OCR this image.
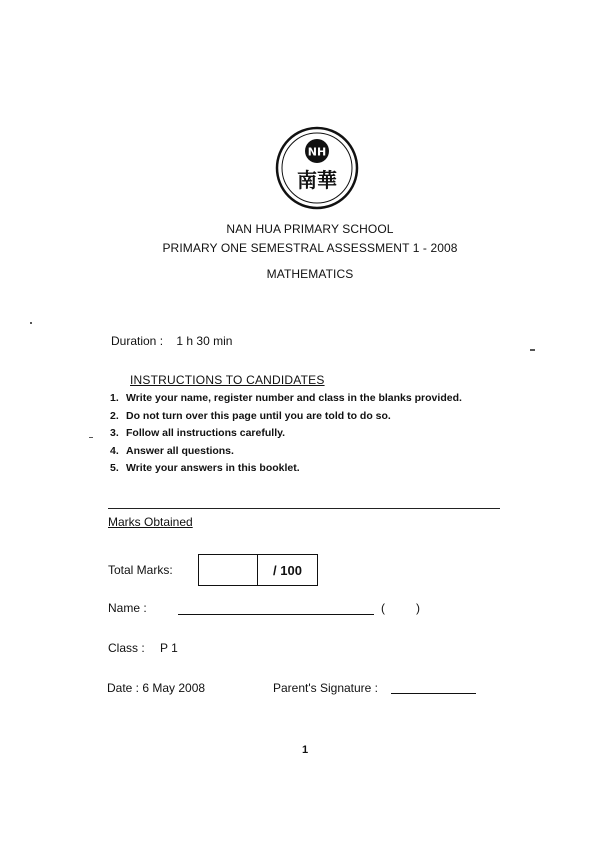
NH
南華
NAN HUA PRIMARY SCHOOL
PRIMARY ONE SEMESTRAL ASSESSMENT 1 - 2008
MATHEMATICS
Duration : 1 h 30 min
INSTRUCTIONS TO CANDIDATES
1. Write your name, register number and class in the blanks provided.
2. Do not turn over this page until you are told to do so.
3. Follow all instructions carefully.
4. Answer all questions.
5. Write your answers in this booklet.
Marks Obtained
Total Marks:	/ 100
Name :	(	)
Class : P 1
Date : 6 May 2008	Parent's Signature :
1
